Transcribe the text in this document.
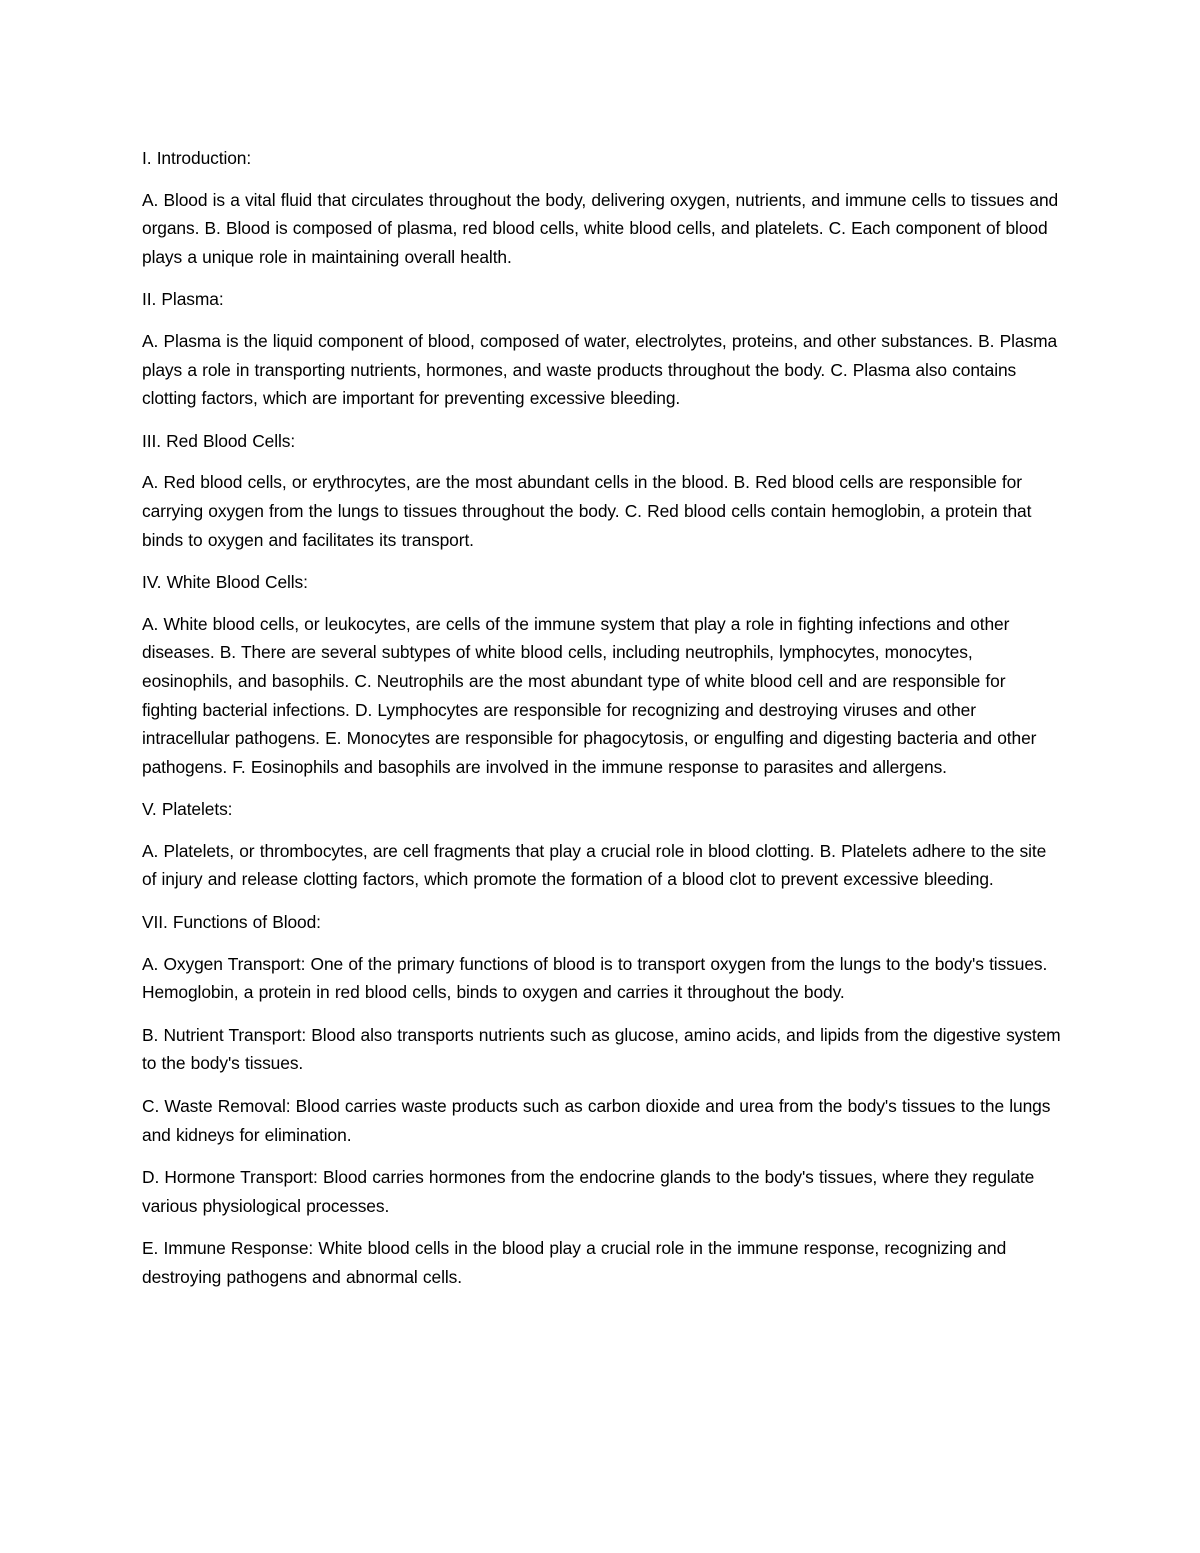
I. Introduction:

A. Blood is a vital fluid that circulates throughout the body, delivering oxygen, nutrients, and immune cells to tissues and organs. B. Blood is composed of plasma, red blood cells, white blood cells, and platelets. C. Each component of blood plays a unique role in maintaining overall health.

II. Plasma:

A. Plasma is the liquid component of blood, composed of water, electrolytes, proteins, and other substances. B. Plasma plays a role in transporting nutrients, hormones, and waste products throughout the body. C. Plasma also contains clotting factors, which are important for preventing excessive bleeding.

III. Red Blood Cells:

A. Red blood cells, or erythrocytes, are the most abundant cells in the blood. B. Red blood cells are responsible for carrying oxygen from the lungs to tissues throughout the body. C. Red blood cells contain hemoglobin, a protein that binds to oxygen and facilitates its transport.

IV. White Blood Cells:

A. White blood cells, or leukocytes, are cells of the immune system that play a role in fighting infections and other diseases. B. There are several subtypes of white blood cells, including neutrophils, lymphocytes, monocytes, eosinophils, and basophils. C. Neutrophils are the most abundant type of white blood cell and are responsible for fighting bacterial infections. D. Lymphocytes are responsible for recognizing and destroying viruses and other intracellular pathogens. E. Monocytes are responsible for phagocytosis, or engulfing and digesting bacteria and other pathogens. F. Eosinophils and basophils are involved in the immune response to parasites and allergens.

V. Platelets:

A. Platelets, or thrombocytes, are cell fragments that play a crucial role in blood clotting. B. Platelets adhere to the site of injury and release clotting factors, which promote the formation of a blood clot to prevent excessive bleeding.

VII. Functions of Blood:

A. Oxygen Transport: One of the primary functions of blood is to transport oxygen from the lungs to the body's tissues. Hemoglobin, a protein in red blood cells, binds to oxygen and carries it throughout the body.

B. Nutrient Transport: Blood also transports nutrients such as glucose, amino acids, and lipids from the digestive system to the body's tissues.

C. Waste Removal: Blood carries waste products such as carbon dioxide and urea from the body's tissues to the lungs and kidneys for elimination.

D. Hormone Transport: Blood carries hormones from the endocrine glands to the body's tissues, where they regulate various physiological processes.

E. Immune Response: White blood cells in the blood play a crucial role in the immune response, recognizing and destroying pathogens and abnormal cells.
